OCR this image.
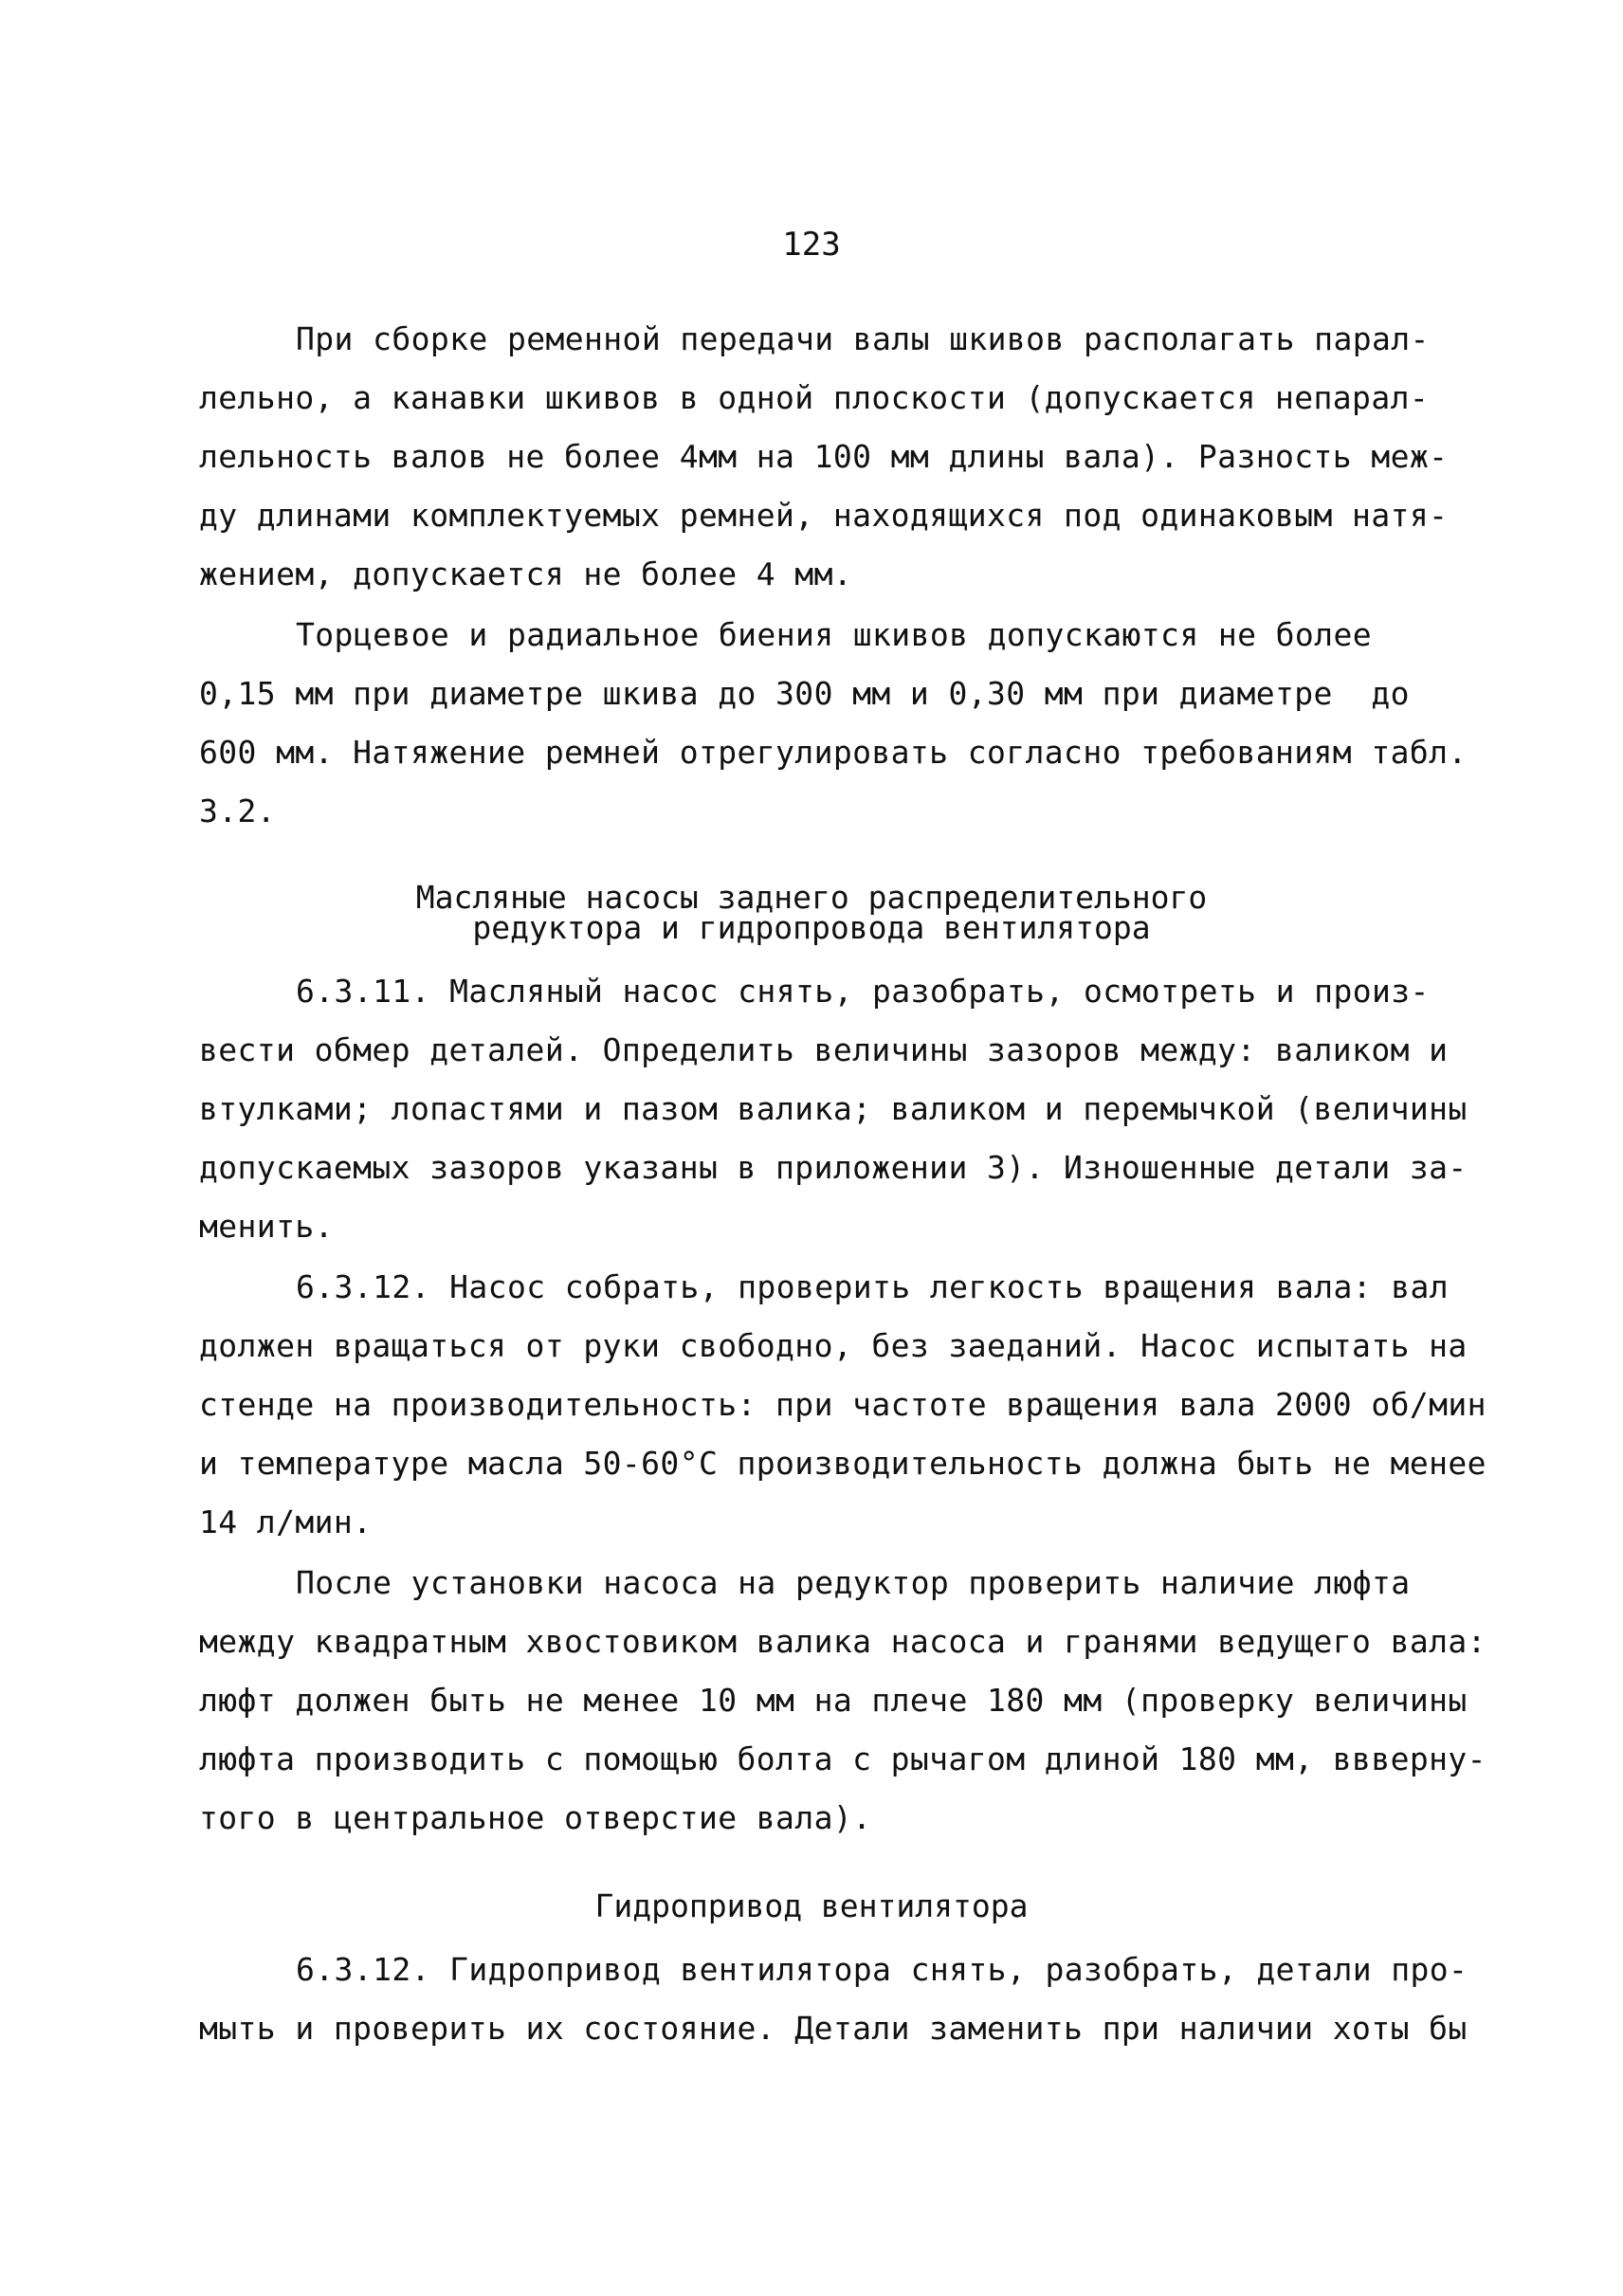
123
При сборке ременной передачи валы шкивов располагать парал-
лельно, а канавки шкивов в одной плоскости (допускается непарал-
лельность валов не более 4мм на 100 мм длины вала). Разность меж-
ду длинами комплектуемых ремней, находящихся под одинаковым натя-
жением, допускается не более 4 мм.
Торцевое и радиальное биения шкивов допускаются не более
0,15 мм при диаметре шкива до 300 мм и 0,30 мм при диаметре  до
600 мм. Натяжение ремней отрегулировать согласно требованиям табл.
3.2.
Масляные насосы заднего распределительного
редуктора и гидропровода вентилятора
6.3.11. Масляный насос снять, разобрать, осмотреть и произ-
вести обмер деталей. Определить величины зазоров между: валиком и
втулками; лопастями и пазом валика; валиком и перемычкой (величины
допускаемых зазоров указаны в приложении 3). Изношенные детали за-
менить.
6.3.12. Насос собрать, проверить легкость вращения вала: вал
должен вращаться от руки свободно, без заеданий. Насос испытать на
стенде на производительность: при частоте вращения вала 2000 об/мин
и температуре масла 50-60°C производительность должна быть не менее
14 л/мин.
После установки насоса на редуктор проверить наличие люфта
между квадратным хвостовиком валика насоса и гранями ведущего вала:
люфт должен быть не менее 10 мм на плече 180 мм (проверку величины
люфта производить с помощью болта с рычагом длиной 180 мм, ввверну-
того в центральное отверстие вала).
Гидропривод вентилятора
6.3.12. Гидропривод вентилятора снять, разобрать, детали про-
мыть и проверить их состояние. Детали заменить при наличии хоты бы
